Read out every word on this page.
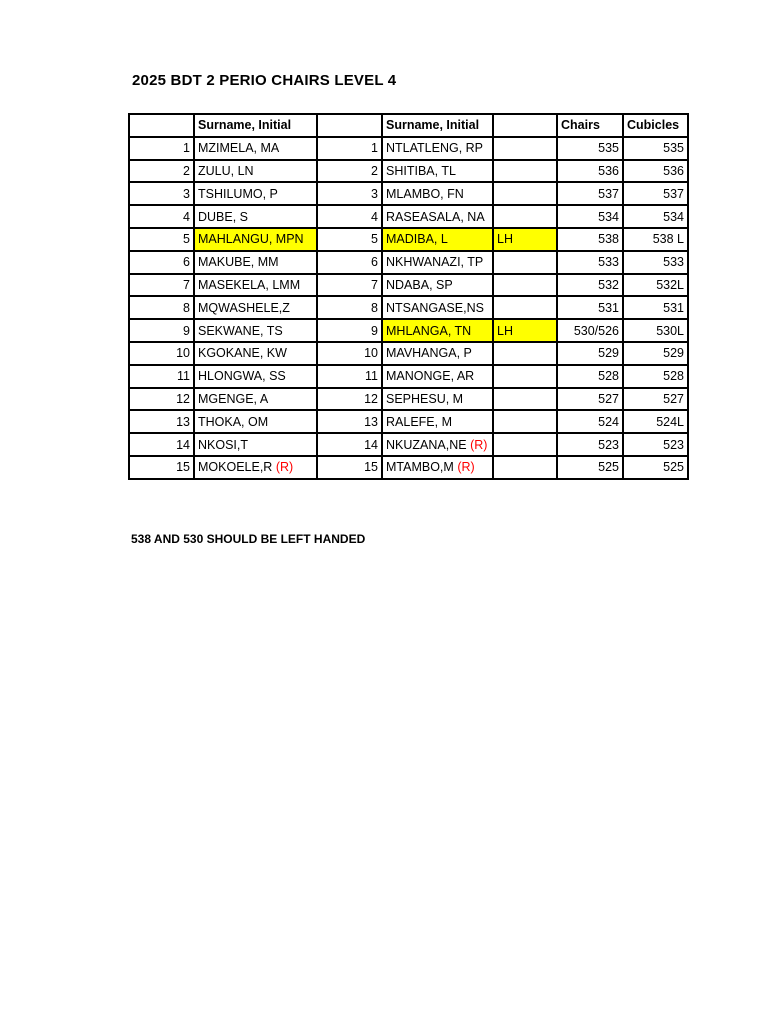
2025 BDT 2 PERIO CHAIRS LEVEL 4
	Surname, Initial		Surname, Initial		Chairs	Cubicles
1	MZIMELA, MA	1	NTLATLENG, RP		535	535
2	ZULU, LN	2	SHITIBA, TL		536	536
3	TSHILUMO, P	3	MLAMBO, FN		537	537
4	DUBE, S	4	RASEASALA, NA		534	534
5	MAHLANGU, MPN	5	MADIBA, L	LH	538	538 L
6	MAKUBE, MM	6	NKHWANAZI, TP		533	533
7	MASEKELA, LMM	7	NDABA, SP		532	532L
8	MQWASHELE,Z	8	NTSANGASE,NS		531	531
9	SEKWANE, TS	9	MHLANGA, TN	LH	530/526	530L
10	KGOKANE, KW	10	MAVHANGA, P		529	529
11	HLONGWA, SS	11	MANONGE, AR		528	528
12	MGENGE, A	12	SEPHESU, M		527	527
13	THOKA, OM	13	RALEFE, M		524	524L
14	NKOSI,T	14	NKUZANA,NE (R)		523	523
15	MOKOELE,R (R)	15	MTAMBO,M (R)		525	525
538 AND 530 SHOULD BE LEFT HANDED
